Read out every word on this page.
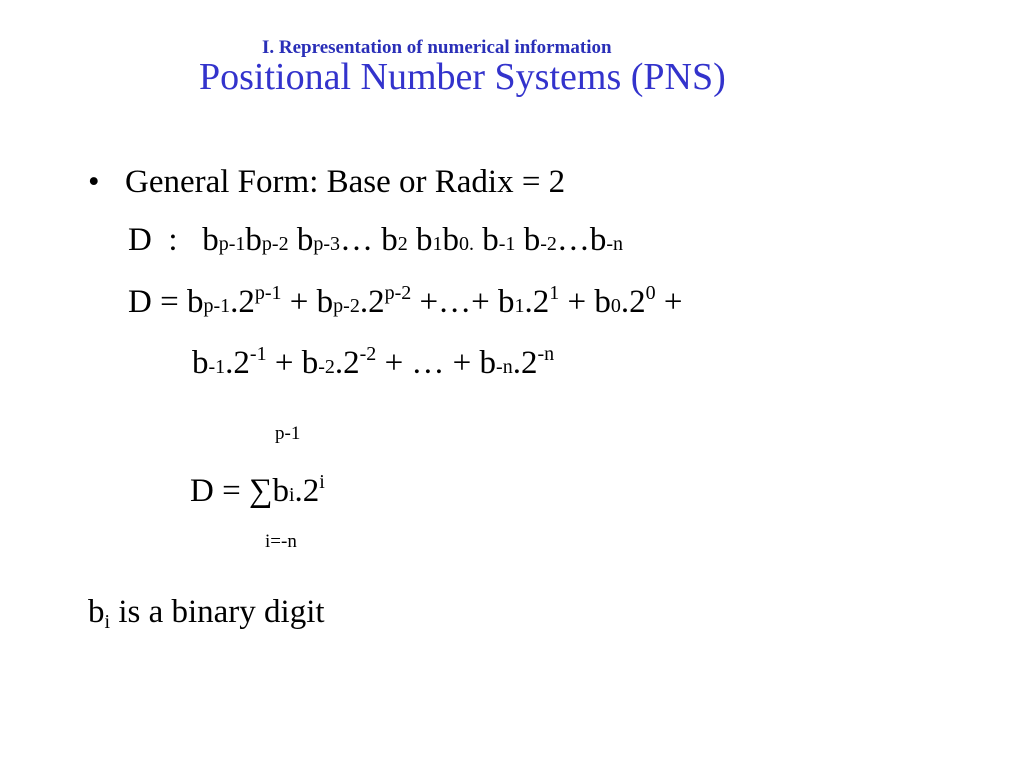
I. Representation of numerical information
Positional Number Systems (PNS)
• General Form: Base or Radix = 2
D  :   bp-1bp-2 bp-3… b2 b1b0. b-1 b-2…b-n
$D = bp-1.2^{p-1} + bp-2.2^{p-2}$ +…+ $b1.2^1 + b0.2^0$ +
$b-1.2^{-1} + b-2.2^{-2}$ + … + $b-n.2^{-n}$
p-1
$D = \sum bi.2^i$
i=-n
bi is a binary digit
